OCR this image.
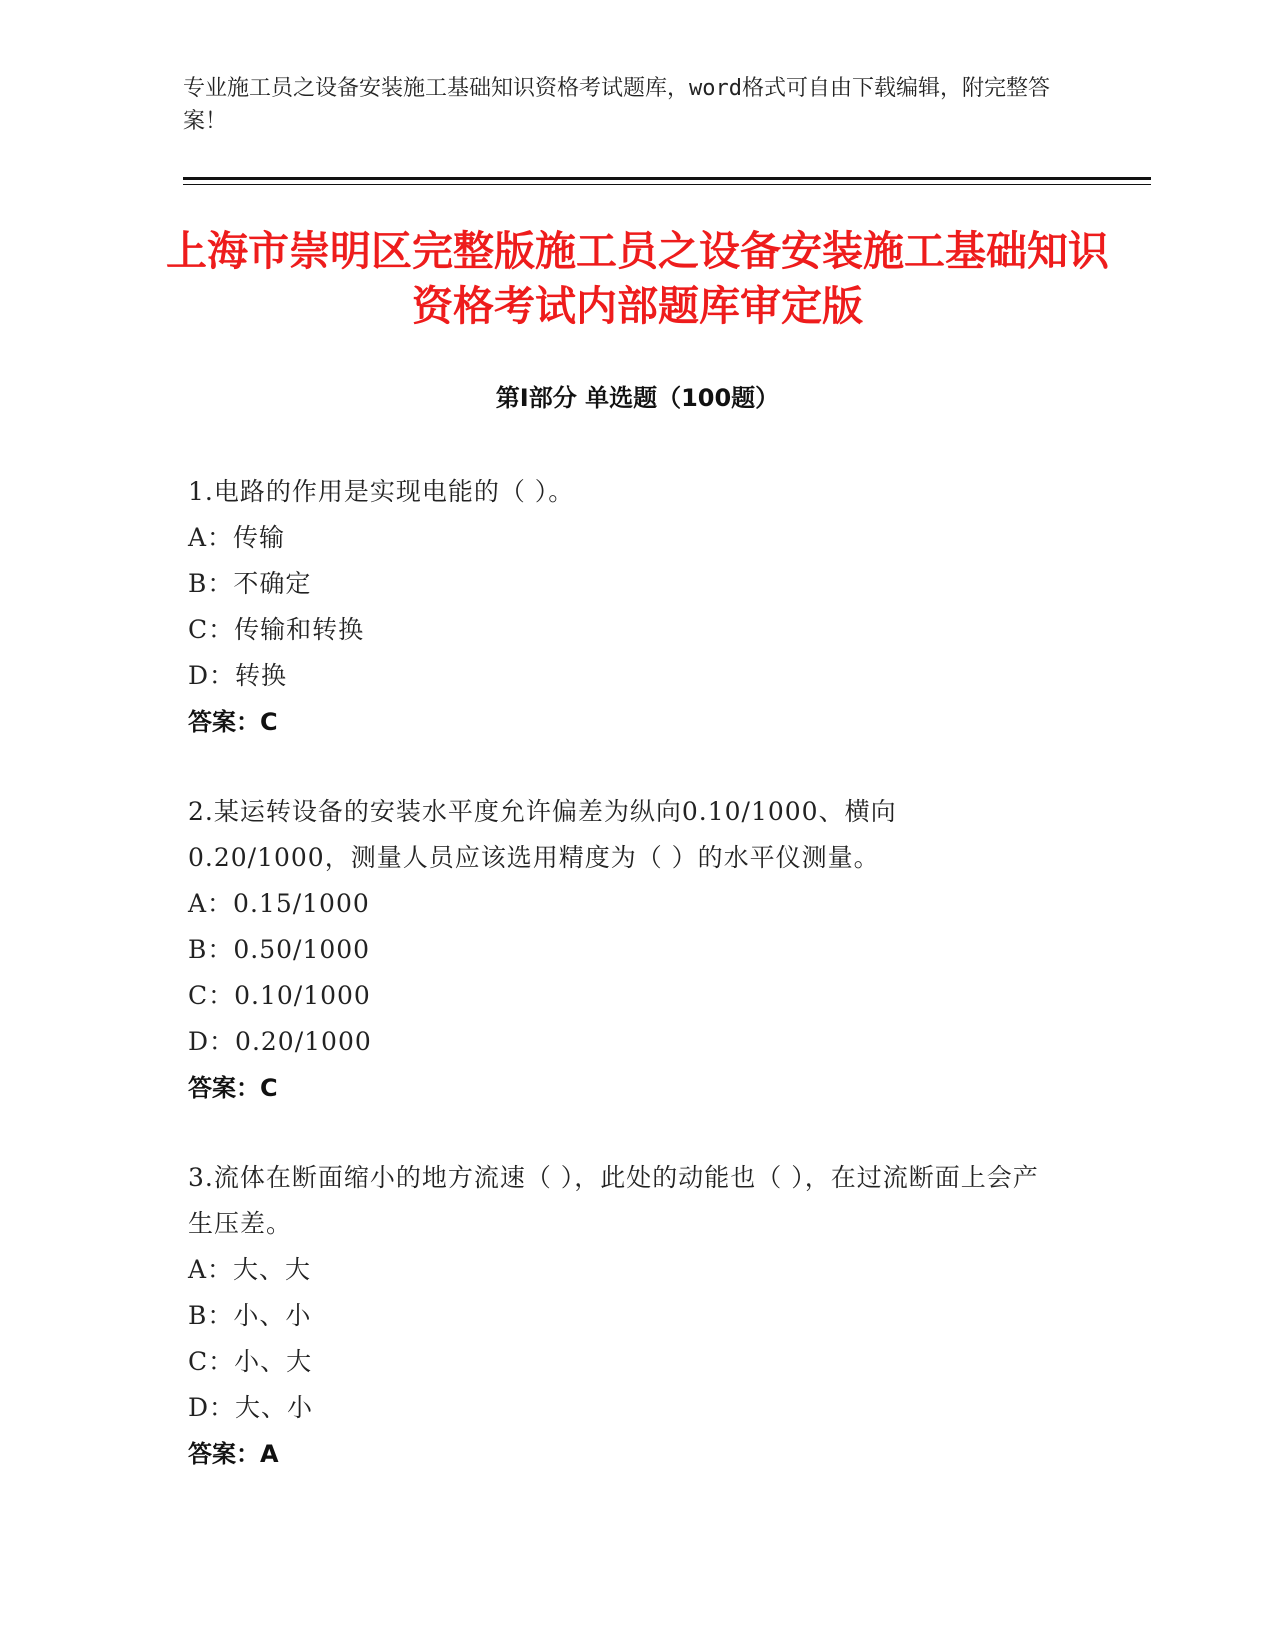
专业施工员之设备安装施工基础知识资格考试题库，word格式可自由下载编辑，附完整答案！
上海市崇明区完整版施工员之设备安装施工基础知识资格考试内部题库审定版
第Ⅰ部分 单选题（100题）
1.电路的作用是实现电能的（ ）。
A：传输
B：不确定
C：传输和转换
D：转换
答案：C
2.某运转设备的安装水平度允许偏差为纵向0.10/1000、横向0.20/1000，测量人员应该选用精度为（ ）的水平仪测量。
A：0.15/1000
B：0.50/1000
C：0.10/1000
D：0.20/1000
答案：C
3.流体在断面缩小的地方流速（ ），此处的动能也（ ），在过流断面上会产生压差。
A：大、大
B：小、小
C：小、大
D：大、小
答案：A
